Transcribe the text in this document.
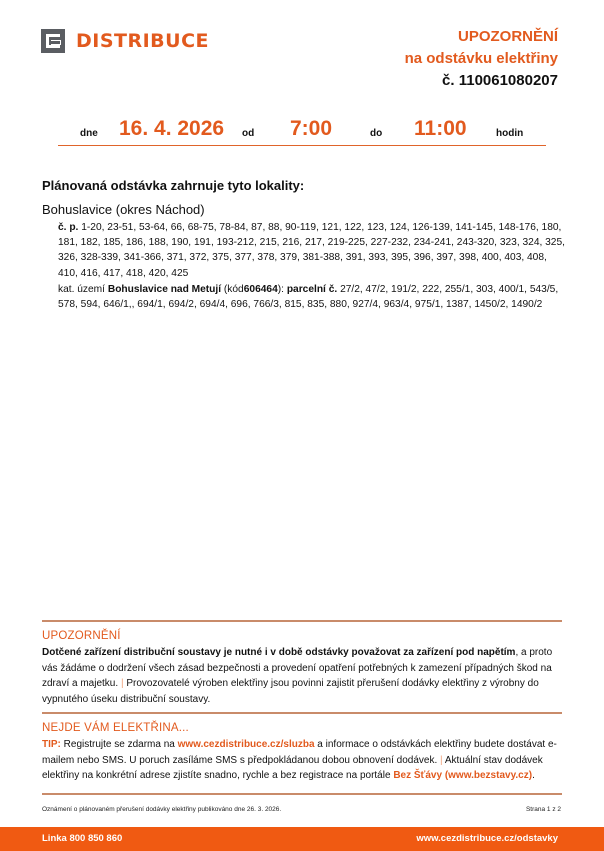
DISTRIBUCE	UPOZORNĚNÍ
na odstávku elektřiny
č. 110061080207
dne 16. 4. 2026 od 7:00	do 11:00	hodin
Plánovaná odstávka zahrnuje tyto lokality:
Bohuslavice (okres Náchod)
č. p. 1-20, 23-51, 53-64, 66, 68-75, 78-84, 87, 88, 90-119, 121, 122, 123, 124, 126-139, 141-145, 148-176, 180, 181, 182, 185, 186, 188, 190, 191, 193-212, 215, 216, 217, 219-225, 227-232, 234-241, 243-320, 323, 324, 325, 326, 328-339, 341-366, 371, 372, 375, 377, 378, 379, 381-388, 391, 393, 395, 396, 397, 398, 400, 403, 408, 410, 416, 417, 418, 420, 425
kat. území Bohuslavice nad Metují (kód606464): parcelní č. 27/2, 47/2, 191/2, 222, 255/1, 303, 400/1, 543/5, 578, 594, 646/1,, 694/1, 694/2, 694/4, 696, 766/3, 815, 835, 880, 927/4, 963/4, 975/1, 1387, 1450/2, 1490/2
UPOZORNĚNÍ
Dotčené zařízení distribuční soustavy je nutné i v době odstávky považovat za zařízení pod napětím, a proto vás žádáme o dodržení všech zásad bezpečnosti a provedení opatření potřebných k zamezení případných škod na zdraví a majetku. | Provozovatelé výroben elektřiny jsou povinni zajistit přerušení dodávky elektřiny z výrobny do vypnutého úseku distribuční soustavy.
NEJDE VÁM ELEKTŘINA...
TIP: Registrujte se zdarma na www.cezdistribuce.cz/sluzba a informace o odstávkách elektřiny budete dostávat e-mailem nebo SMS. U poruch zasíláme SMS s předpokládanou dobou obnovení dodávek. | Aktuální stav dodávek elektřiny na konkrétní adrese zjistíte snadno, rychle a bez registrace na portále Bez Šťávy (www.bezstavy.cz).
Oznámení o plánovaném přerušení dodávky elektřiny publikováno dne 26. 3. 2026.	Strana 1 z 2
Linka 800 850 860	www.cezdistribuce.cz/odstavky
